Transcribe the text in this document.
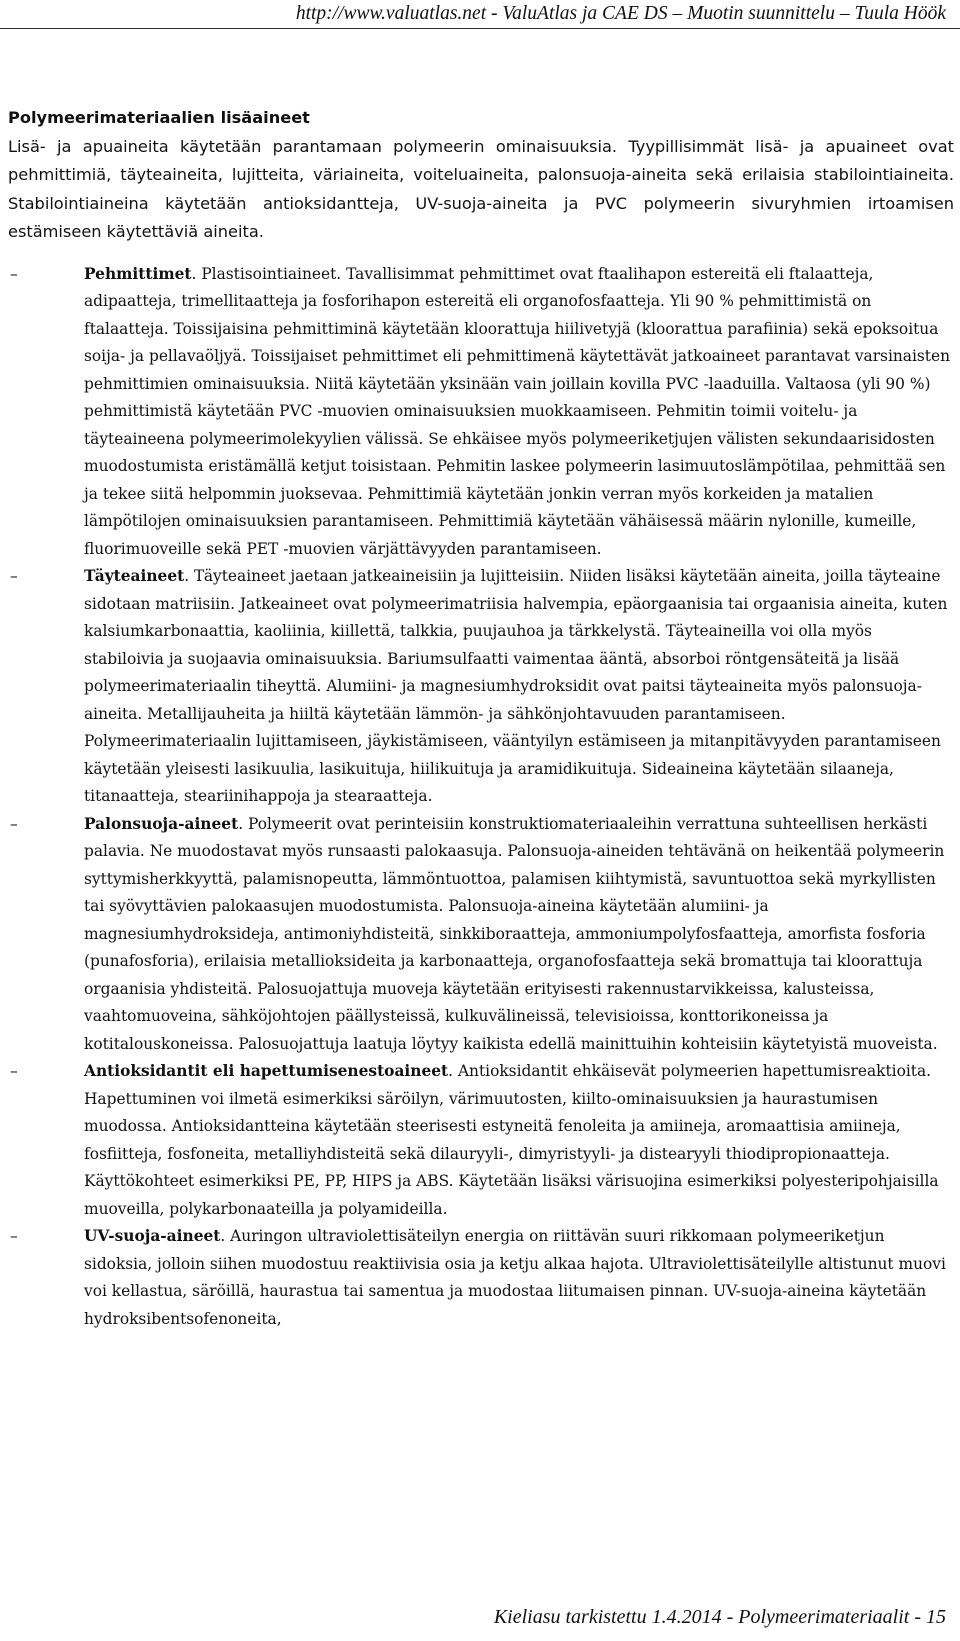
http://www.valuatlas.net - ValuAtlas ja CAE DS – Muotin suunnittelu – Tuula Höök
Polymeerimateriaalien lisäaineet

Lisä- ja apuaineita käytetään parantamaan polymeerin ominaisuuksia. Tyypillisimmät lisä- ja apuaineet ovat pehmittimiä, täyteaineita, lujitteita, väriaineita, voiteluaineita, palonsuoja-aineita sekä erilaisia stabilointiaineita. Stabilointiaineina käytetään antioksidantteja, UV-suoja-aineita ja PVC polymeerin sivuryhmien irtoamisen estämiseen käytettäviä aineita.

–	Pehmittimet. Plastisointiaineet. Tavallisimmat pehmittimet ovat ftaalihapon estereitä eli ftalaatteja, adipaatteja, trimellitaatteja ja fosforihapon estereitä eli organofosfaatteja. Yli 90 % pehmittimistä on ftalaatteja. Toissijaisina pehmittiminä käytetään kloorattuja hiilivetyjä (kloorattua parafiinia) sekä epoksoitua soija- ja pellavaöljyä. Toissijaiset pehmittimet eli pehmittimenä käytettävät jatkoaineet parantavat varsinaisten pehmittimien ominaisuuksia. Niitä käytetään yksinään vain joillain kovilla PVC -laaduilla. Valtaosa (yli 90 %) pehmittimistä käytetään PVC -muovien ominaisuuksien muokkaamiseen. Pehmitin toimii voitelu- ja täyteaineena polymeerimolekyylien välissä. Se ehkäisee myös polymeeriketjujen välisten sekundaarisidosten muodostumista eristämällä ketjut toisistaan. Pehmitin laskee polymeerin lasimuutoslämpötilaa, pehmittää sen ja tekee siitä helpommin juoksevaa. Pehmittimiä käytetään jonkin verran myös korkeiden ja matalien lämpötilojen ominaisuuksien parantamiseen. Pehmittimiä käytetään vähäisessä määrin nylonille, kumeille, fluorimuoveille sekä PET -muovien värjättävyyden parantamiseen.
–	Täyteaineet. Täyteaineet jaetaan jatkeaineisiin ja lujitteisiin. Niiden lisäksi käytetään aineita, joilla täyteaine sidotaan matriisiin. Jatkeaineet ovat polymeerimatriisia halvempia, epäorgaanisia tai orgaanisia aineita, kuten kalsiumkarbonaattia, kaoliinia, kiillettä, talkkia, puujauhoa ja tärkkelystä. Täyteaineilla voi olla myös stabiloivia ja suojaavia ominaisuuksia. Bariumsulfaatti vaimentaa ääntä, absorboi röntgensäteitä ja lisää polymeerimateriaalin tiheyttä. Alumiini- ja magnesiumhydroksidit ovat paitsi täyteaineita myös palonsuoja-aineita. Metallijauheita ja hiiltä käytetään lämmön- ja sähkönjohtavuuden parantamiseen. Polymeerimateriaalin lujittamiseen, jäykistämiseen, vääntyilyn estämiseen ja mitanpitävyyden parantamiseen käytetään yleisesti lasikuulia, lasikuituja, hiilikuituja ja aramidikuituja. Sideaineina käytetään silaaneja, titanaatteja, steariinihappoja ja stearaatteja.
–	Palonsuoja-aineet. Polymeerit ovat perinteisiin konstruktiomateriaaleihin verrattuna suhteellisen herkästi palavia. Ne muodostavat myös runsaasti palokaasuja. Palonsuoja-aineiden tehtävänä on heikentää polymeerin syttymisherkkyyttä, palamisnopeutta, lämmöntuottoa, palamisen kiihtymistä, savuntuottoa sekä myrkyllisten tai syövyttävien palokaasujen muodostumista. Palonsuoja-aineina käytetään alumiini- ja magnesiumhydroksideja, antimoniyhdisteitä, sinkkiboraatteja, ammoniumpolyfosfaatteja, amorfista fosforia (punafosforia), erilaisia metallioksideita ja karbonaatteja, organofosfaatteja sekä bromattuja tai kloorattuja orgaanisia yhdisteitä. Palosuojattuja muoveja käytetään erityisesti rakennustarvikkeissa, kalusteissa, vaahtomuoveina, sähköjohtojen päällysteissä, kulkuvälineissä, televisioissa, konttorikoneissa ja kotitalouskoneissa. Palosuojattuja laatuja löytyy kaikista edellä mainittuihin kohteisiin käytetyistä muoveista.
–	Antioksidantit eli hapettumisenestoaineet. Antioksidantit ehkäisevät polymeerien hapettumisreaktioita. Hapettuminen voi ilmetä esimerkiksi säröilyn, värimuutosten, kiilto-ominaisuuksien ja haurastumisen muodossa. Antioksidantteina käytetään steerisesti estyneitä fenoleita ja amiineja, aromaattisia amiineja, fosfiitteja, fosfoneita, metalliyhdisteitä sekä dilauryyli-, dimyristyyli- ja distearyyli thiodipropionaatteja. Käyttökohteet esimerkiksi PE, PP, HIPS ja ABS. Käytetään lisäksi värisuojina esimerkiksi polyesteripohjaisilla muoveilla, polykarbonaateilla ja polyamideilla.
–	UV-suoja-aineet. Auringon ultraviolettisäteilyn energia on riittävän suuri rikkomaan polymeeriketjun sidoksia, jolloin siihen muodostuu reaktiivisia osia ja ketju alkaa hajota. Ultraviolettisäteilylle altistunut muovi voi kellastua, säröillä, haurastua tai samentua ja muodostaa liitumaisen pinnan. UV-suoja-aineina käytetään hydroksibentsofenoneita,
Kieliasu tarkistettu 1.4.2014 - Polymeerimateriaalit - 15
